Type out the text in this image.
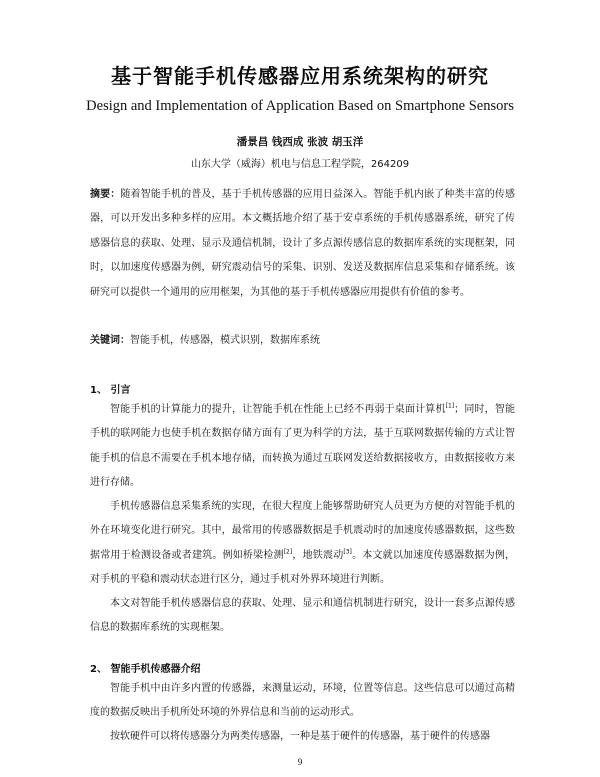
基于智能手机传感器应用系统架构的研究
Design and Implementation of Application Based on Smartphone Sensors
潘景昌 钱西成 张波 胡玉洋
山东大学（威海）机电与信息工程学院，264209

摘要：随着智能手机的普及，基于手机传感器的应用日益深入。智能手机内嵌了种类丰富的传感器，可以开发出多种多样的应用。本文概括地介绍了基于安卓系统的手机传感器系统，研究了传感器信息的获取、处理、显示及通信机制，设计了多点源传感信息的数据库系统的实现框架，同时，以加速度传感器为例，研究震动信号的采集、识别、发送及数据库信息采集和存储系统。该研究可以提供一个通用的应用框架，为其他的基于手机传感器应用提供有价值的参考。

关键词：智能手机，传感器，模式识别，数据库系统

1、 引言

智能手机的计算能力的提升，让智能手机在性能上已经不再弱于桌面计算机[1]；同时，智能手机的联网能力也使手机在数据存储方面有了更为科学的方法，基于互联网数据传输的方式让智能手机的信息不需要在手机本地存储，而转换为通过互联网发送给数据接收方，由数据接收方来进行存储。

手机传感器信息采集系统的实现，在很大程度上能够帮助研究人员更为方便的对智能手机的外在环境变化进行研究。其中，最常用的传感器数据是手机震动时的加速度传感器数据，这些数据常用于检测设备或者建筑。例如桥梁检测[2]，地铁震动[3]。本文就以加速度传感器数据为例，对手机的平稳和震动状态进行区分，通过手机对外界环境进行判断。

本文对智能手机传感器信息的获取、处理、显示和通信机制进行研究，设计一套多点源传感信息的数据库系统的实现框架。

2、 智能手机传感器介绍

智能手机中由许多内置的传感器，来测量运动，环境，位置等信息。这些信息可以通过高精度的数据反映出手机所处环境的外界信息和当前的运动形式。

按软硬件可以将传感器分为两类传感器，一种是基于硬件的传感器，基于硬件的传感器

9
